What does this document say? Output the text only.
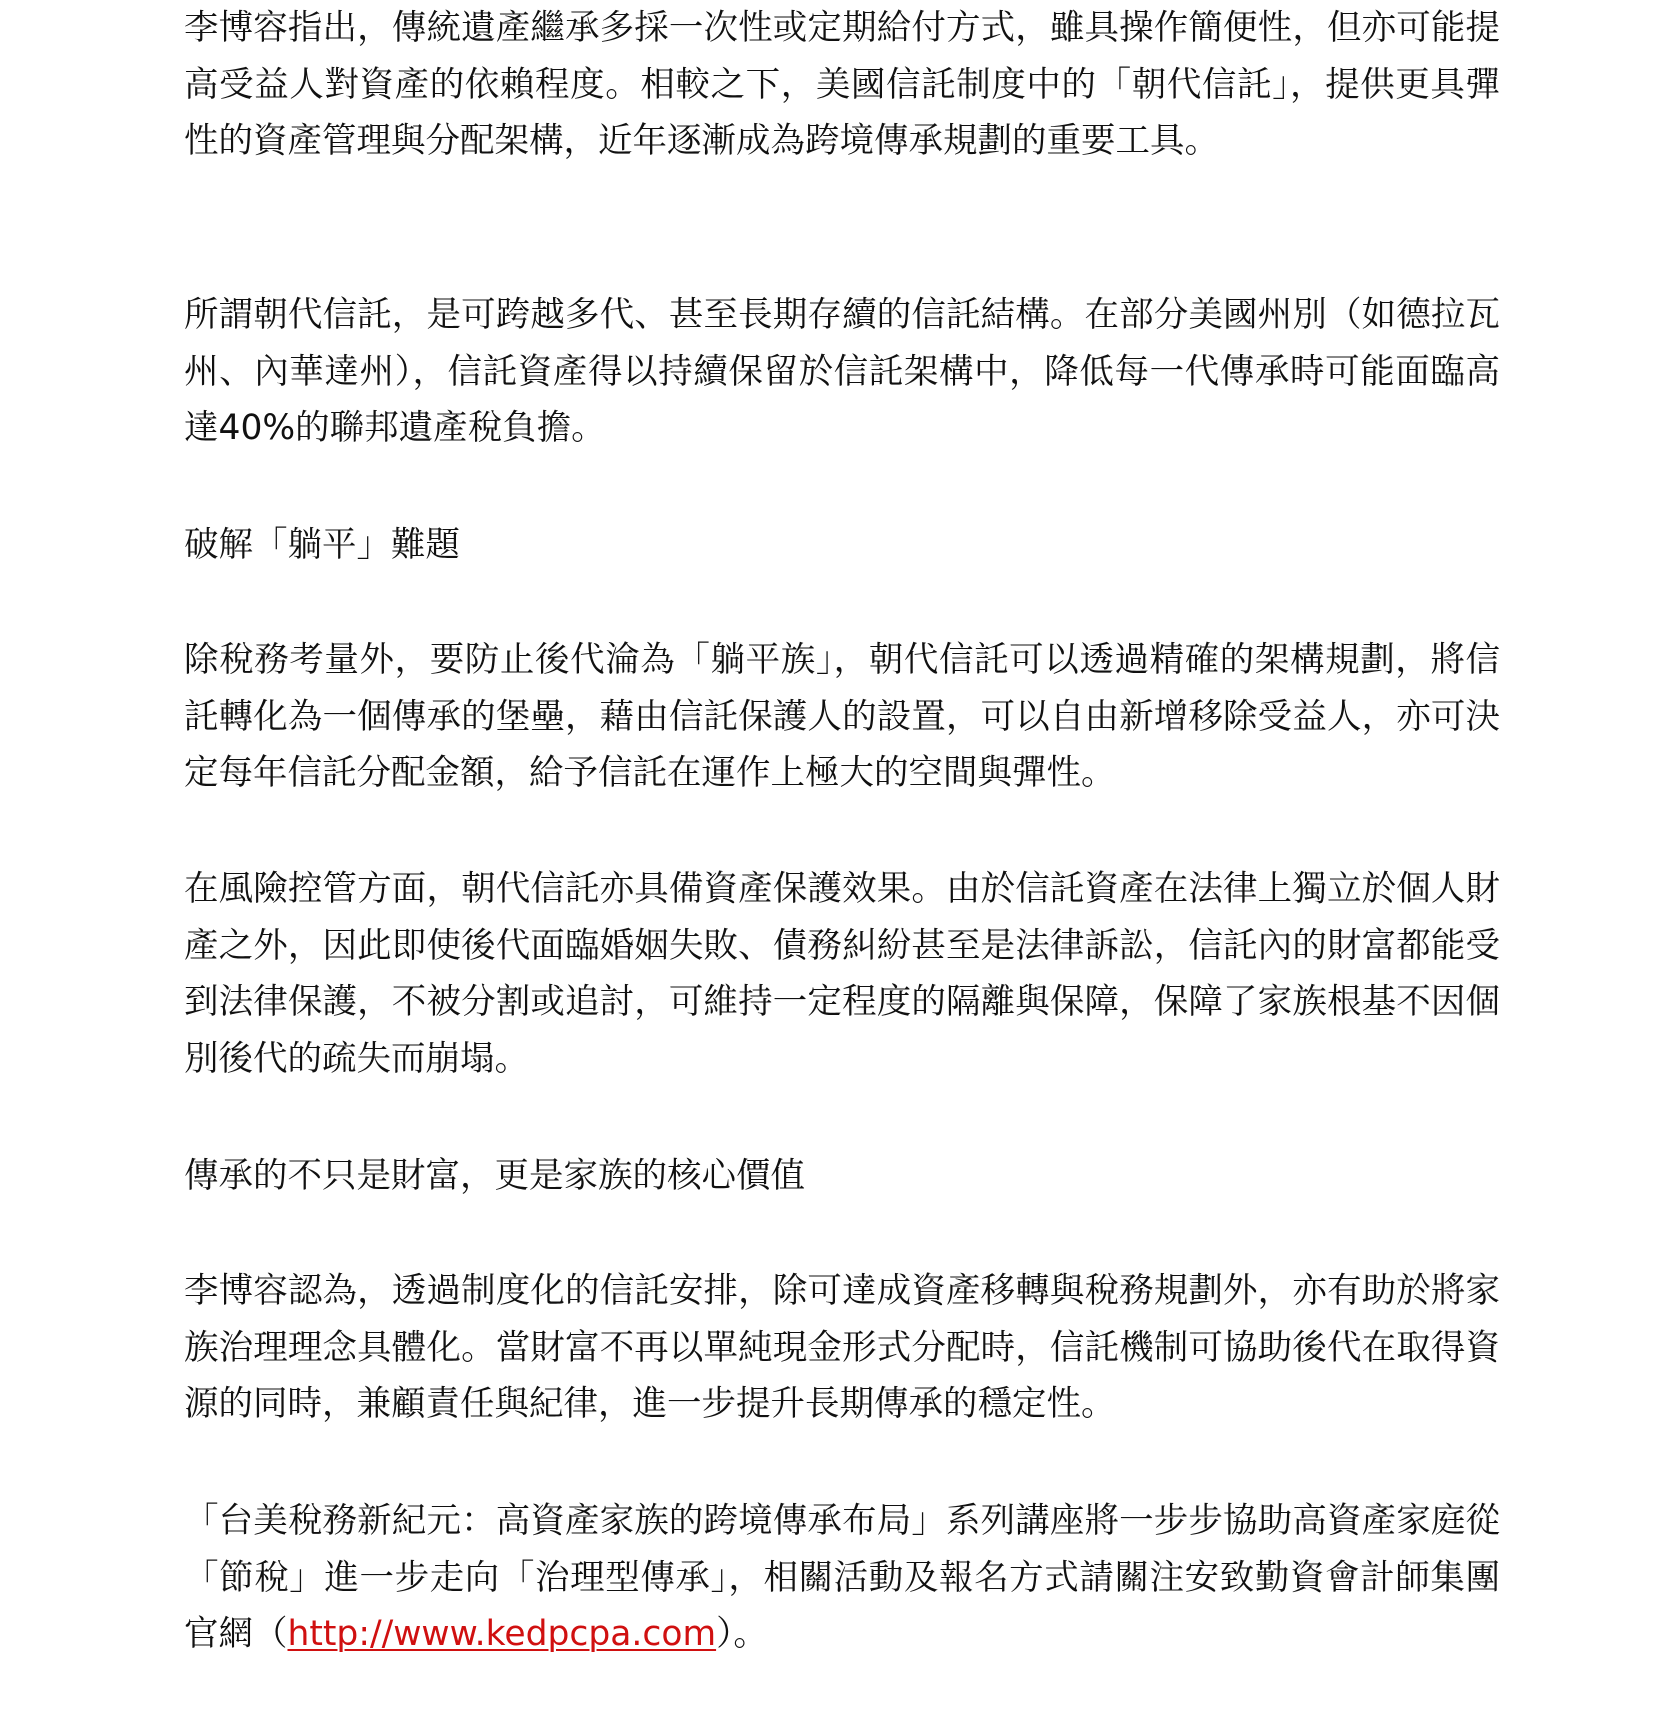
李博容指出，傳統遺產繼承多採一次性或定期給付方式，雖具操作簡便性，但亦可能提高受益人對資產的依賴程度。相較之下，美國信託制度中的「朝代信託」，提供更具彈性的資產管理與分配架構，近年逐漸成為跨境傳承規劃的重要工具。

所謂朝代信託，是可跨越多代、甚至長期存續的信託結構。在部分美國州別（如德拉瓦州、內華達州），信託資產得以持續保留於信託架構中，降低每一代傳承時可能面臨高達40%的聯邦遺產稅負擔。

破解「躺平」難題

除稅務考量外，要防止後代淪為「躺平族」，朝代信託可以透過精確的架構規劃，將信託轉化為一個傳承的堡壘，藉由信託保護人的設置，可以自由新增移除受益人，亦可決定每年信託分配金額，給予信託在運作上極大的空間與彈性。

在風險控管方面，朝代信託亦具備資產保護效果。由於信託資產在法律上獨立於個人財產之外，因此即使後代面臨婚姻失敗、債務糾紛甚至是法律訴訟，信託內的財富都能受到法律保護，不被分割或追討，可維持一定程度的隔離與保障，保障了家族根基不因個別後代的疏失而崩塌。

傳承的不只是財富，更是家族的核心價值

李博容認為，透過制度化的信託安排，除可達成資產移轉與稅務規劃外，亦有助於將家族治理理念具體化。當財富不再以單純現金形式分配時，信託機制可協助後代在取得資源的同時，兼顧責任與紀律，進一步提升長期傳承的穩定性。

「台美稅務新紀元：高資產家族的跨境傳承布局」系列講座將一步步協助高資產家庭從「節稅」進一步走向「治理型傳承」，相關活動及報名方式請關注安致勤資會計師集團官網（http://www.kedpcpa.com）。
